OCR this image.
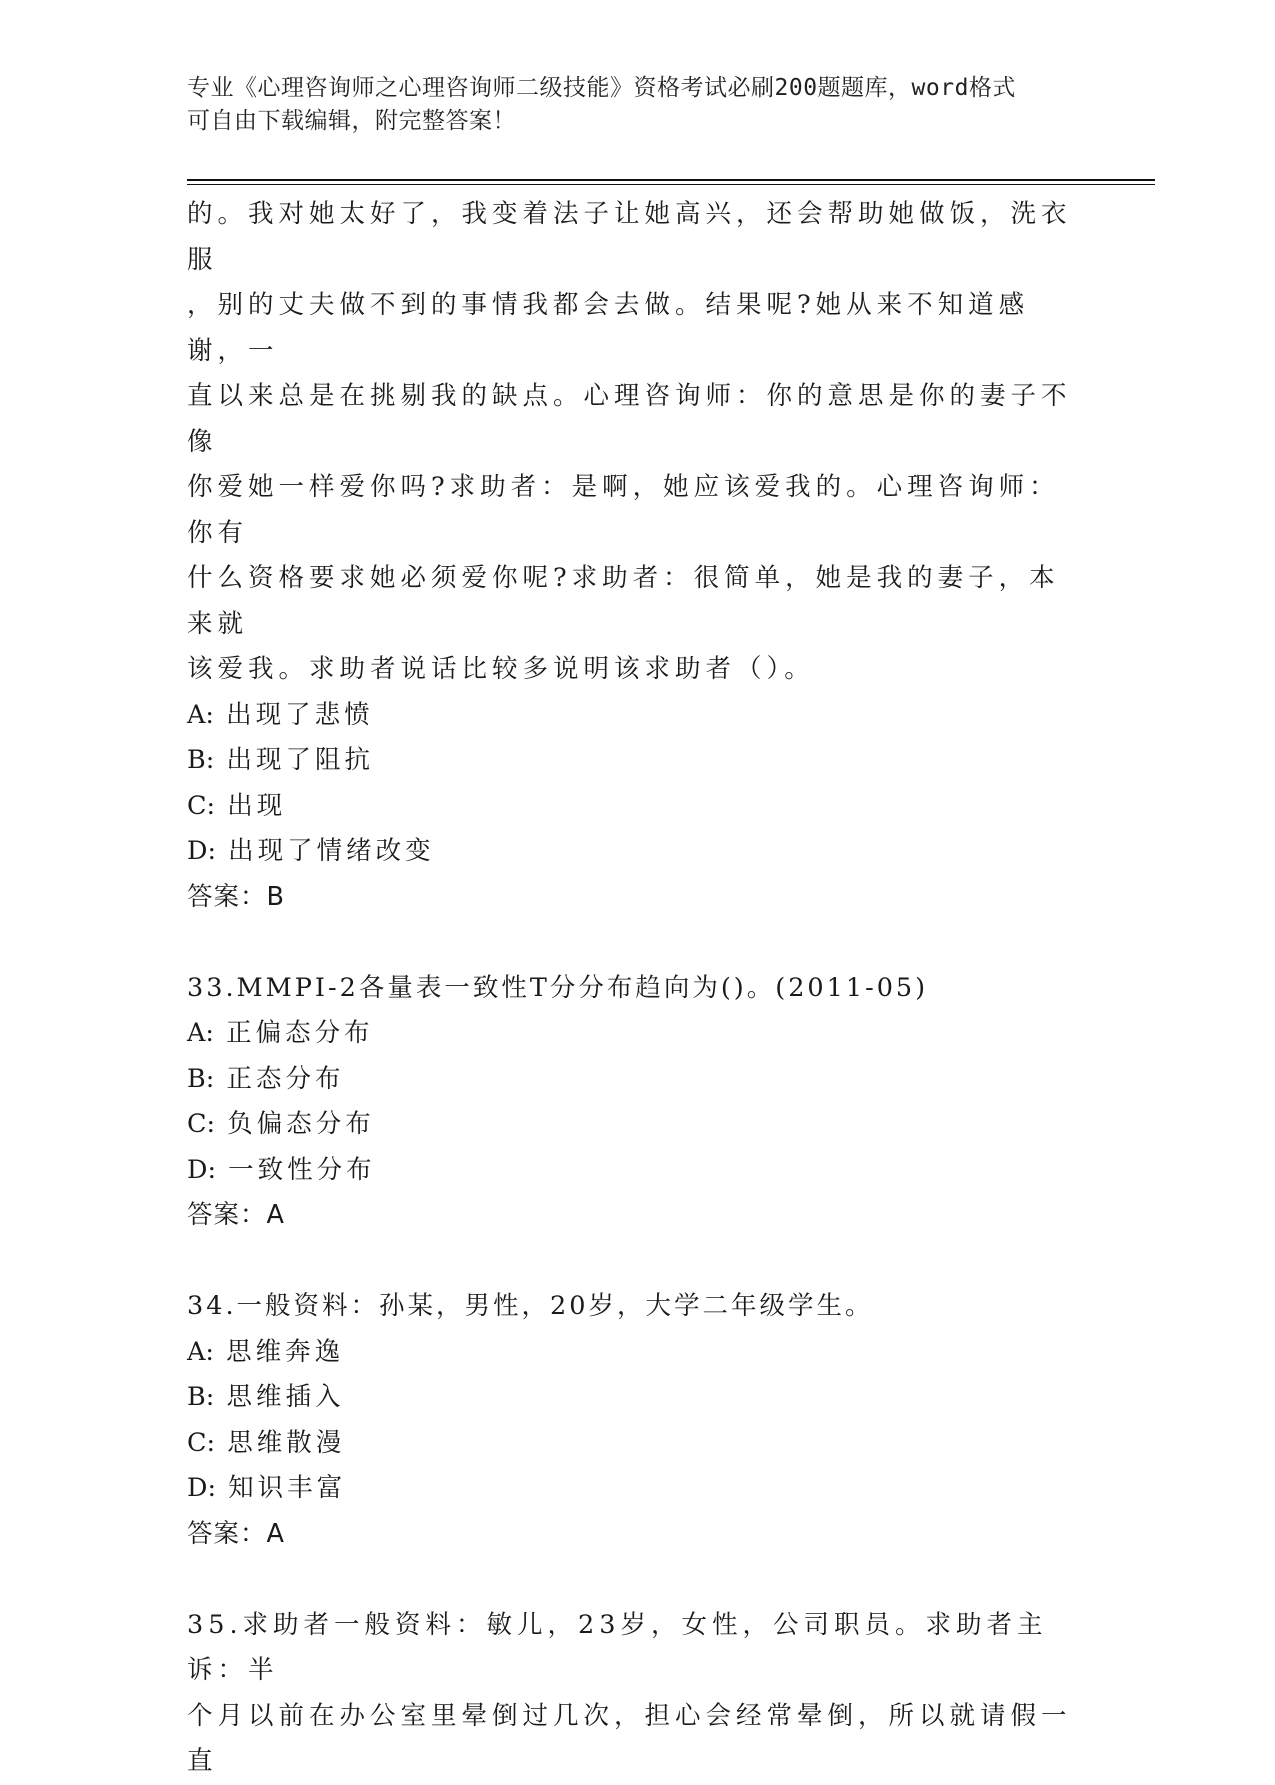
专业《心理咨询师之心理咨询师二级技能》资格考试必刷200题题库，word格式
可自由下载编辑，附完整答案！

的。我对她太好了，我变着法子让她高兴，还会帮助她做饭，洗衣服

，别的丈夫做不到的事情我都会去做。结果呢?她从来不知道感谢，一

直以来总是在挑剔我的缺点。心理咨询师：你的意思是你的妻子不像

你爱她一样爱你吗?求助者：是啊，她应该爱我的。心理咨询师：你有

什么资格要求她必须爱你呢?求助者：很简单，她是我的妻子，本来就

该爱我。求助者说话比较多说明该求助者（）。

A: 出现了悲愤

B: 出现了阻抗

C: 出现

D: 出现了情绪改变

答案：B

33.MMPI-2各量表一致性T分分布趋向为()。(2011-05)

A: 正偏态分布

B: 正态分布

C: 负偏态分布

D: 一致性分布

答案：A

34.一般资料：孙某，男性，20岁，大学二年级学生。

A: 思维奔逸

B: 思维插入

C: 思维散漫

D: 知识丰富

答案：A

35.求助者一般资料：敏儿，23岁，女性，公司职员。求助者主诉：半

个月以前在办公室里晕倒过几次，担心会经常晕倒，所以就请假一直
